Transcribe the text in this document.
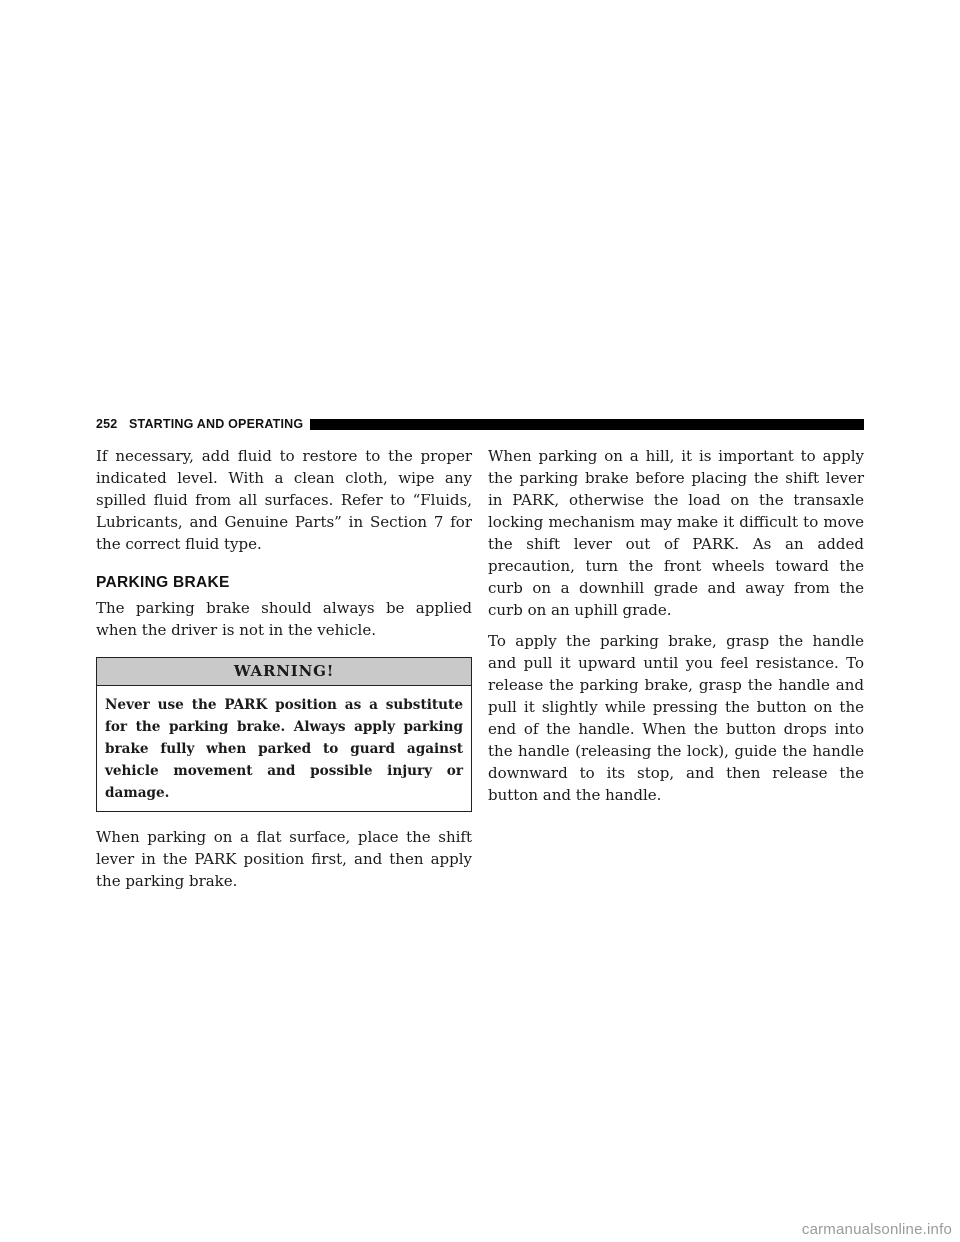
252 STARTING AND OPERATING

If necessary, add fluid to restore to the proper indicated level. With a clean cloth, wipe any spilled fluid from all surfaces. Refer to “Fluids, Lubricants, and Genuine Parts” in Section 7 for the correct fluid type.

PARKING BRAKE

The parking brake should always be applied when the driver is not in the vehicle.

WARNING!
Never use the PARK position as a substitute for the parking brake. Always apply parking brake fully when parked to guard against vehicle movement and possible injury or damage.

When parking on a flat surface, place the shift lever in the PARK position first, and then apply the parking brake.

When parking on a hill, it is important to apply the parking brake before placing the shift lever in PARK, otherwise the load on the transaxle locking mechanism may make it difficult to move the shift lever out of PARK. As an added precaution, turn the front wheels toward the curb on a downhill grade and away from the curb on an uphill grade.

To apply the parking brake, grasp the handle and pull it upward until you feel resistance. To release the parking brake, grasp the handle and pull it slightly while pressing the button on the end of the handle. When the button drops into the handle (releasing the lock), guide the handle downward to its stop, and then release the button and the handle.

carmanualsonline.info
